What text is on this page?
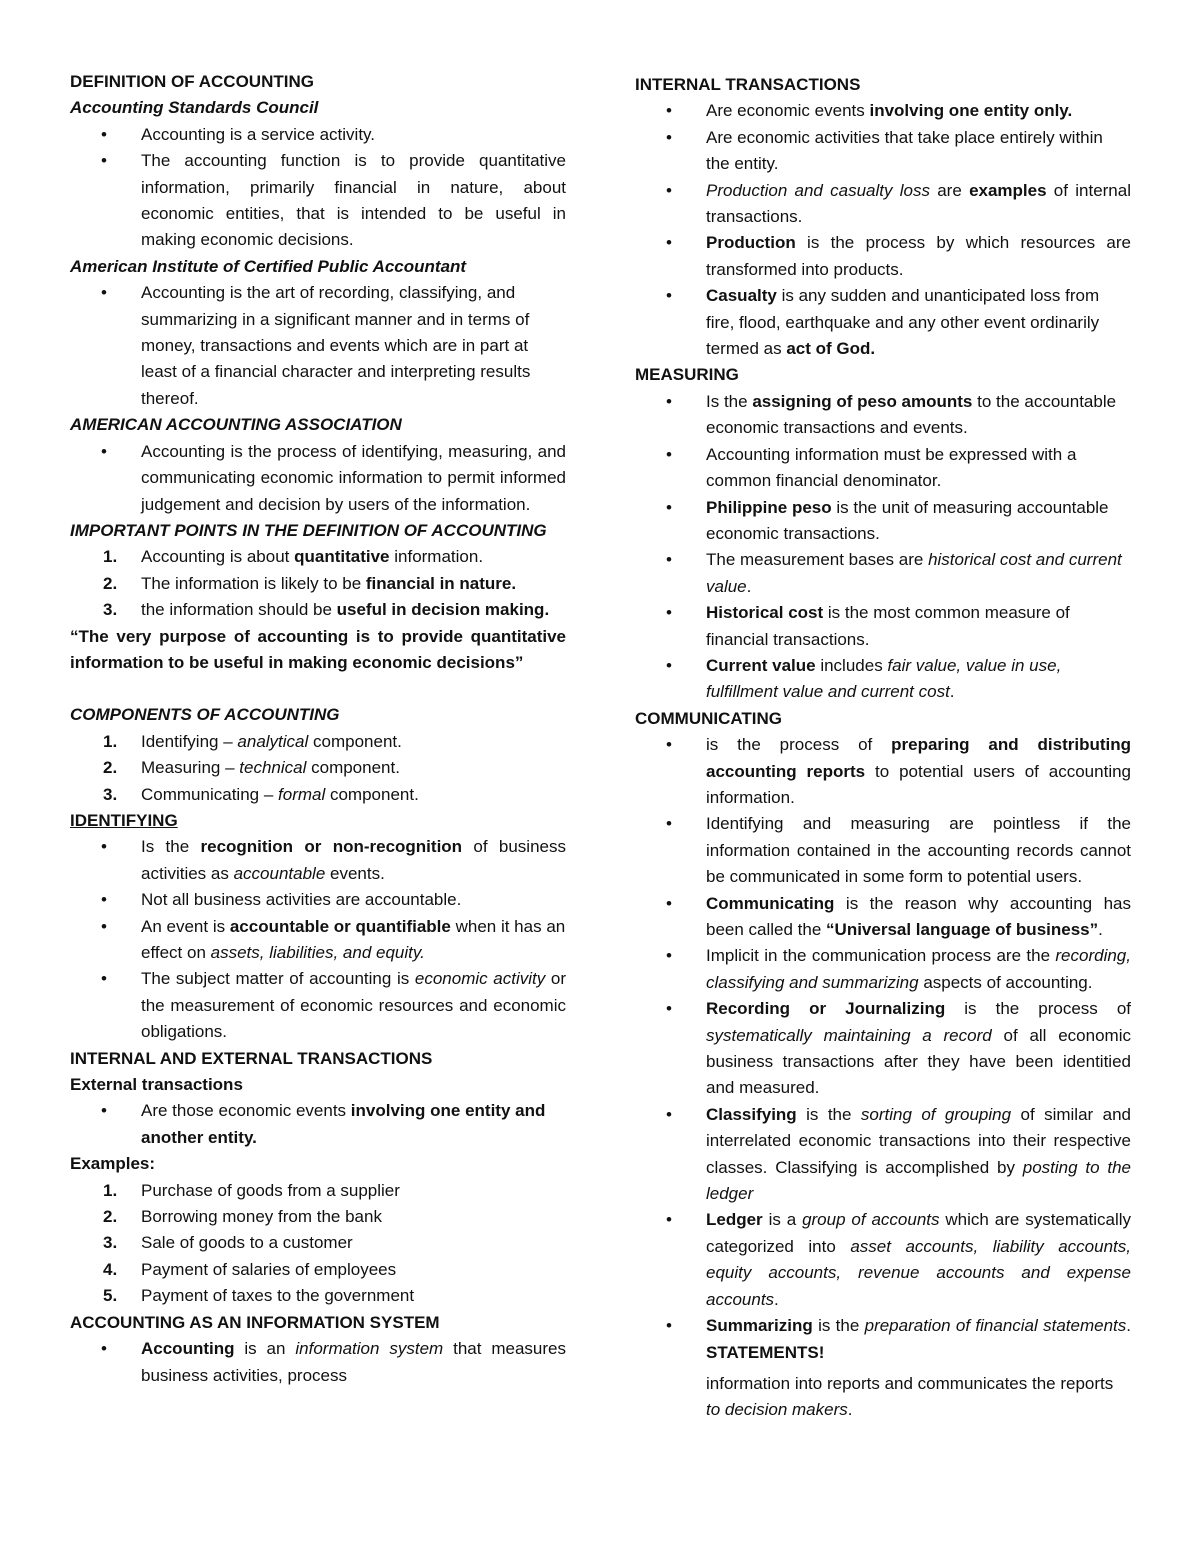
DEFINITION OF ACCOUNTING
Accounting Standards Council
• Accounting is a service activity.
• The accounting function is to provide quantitative information, primarily financial in nature, about economic entities, that is intended to be useful in making economic decisions.
American Institute of Certified Public Accountant
• Accounting is the art of recording, classifying, and summarizing in a significant manner and in terms of money, transactions and events which are in part at least of a financial character and interpreting results thereof.
AMERICAN ACCOUNTING ASSOCIATION
• Accounting is the process of identifying, measuring, and communicating economic information to permit informed judgement and decision by users of the information.
IMPORTANT POINTS IN THE DEFINITION OF ACCOUNTING
1. Accounting is about quantitative information.
2. The information is likely to be financial in nature.
3. the information should be useful in decision making.
“The very purpose of accounting is to provide quantitative information to be useful in making economic decisions”
COMPONENTS OF ACCOUNTING
1. Identifying – analytical component.
2. Measuring – technical component.
3. Communicating – formal component.
IDENTIFYING
• Is the recognition or non-recognition of business activities as accountable events.
• Not all business activities are accountable.
• An event is accountable or quantifiable when it has an effect on assets, liabilities, and equity.
• The subject matter of accounting is economic activity or the measurement of economic resources and economic obligations.
INTERNAL AND EXTERNAL TRANSACTIONS
External transactions
• Are those economic events involving one entity and another entity.
Examples:
1. Purchase of goods from a supplier
2. Borrowing money from the bank
3. Sale of goods to a customer
4. Payment of salaries of employees
5. Payment of taxes to the government
ACCOUNTING AS AN INFORMATION SYSTEM
• Accounting is an information system that measures business activities, process
INTERNAL TRANSACTIONS
• Are economic events involving one entity only.
• Are economic activities that take place entirely within the entity.
• Production and casualty loss are examples of internal transactions.
• Production is the process by which resources are transformed into products.
• Casualty is any sudden and unanticipated loss from fire, flood, earthquake and any other event ordinarily termed as act of God.
MEASURING
• Is the assigning of peso amounts to the accountable economic transactions and events.
• Accounting information must be expressed with a common financial denominator.
• Philippine peso is the unit of measuring accountable economic transactions.
• The measurement bases are historical cost and current value.
• Historical cost is the most common measure of financial transactions.
• Current value includes fair value, value in use, fulfillment value and current cost.
COMMUNICATING
• is the process of preparing and distributing accounting reports to potential users of accounting information.
• Identifying and measuring are pointless if the information contained in the accounting records cannot be communicated in some form to potential users.
• Communicating is the reason why accounting has been called the “Universal language of business”.
• Implicit in the communication process are the recording, classifying and summarizing aspects of accounting.
• Recording or Journalizing is the process of systematically maintaining a record of all economic business transactions after they have been identitied and measured.
• Classifying is the sorting of grouping of similar and interrelated economic transactions into their respective classes. Classifying is accomplished by posting to the ledger
• Ledger is a group of accounts which are systematically categorized into asset accounts, liability accounts, equity accounts, revenue accounts and expense accounts.
• Summarizing is the preparation of financial statements. STATEMENTS!
information into reports and communicates the reports to decision makers.
